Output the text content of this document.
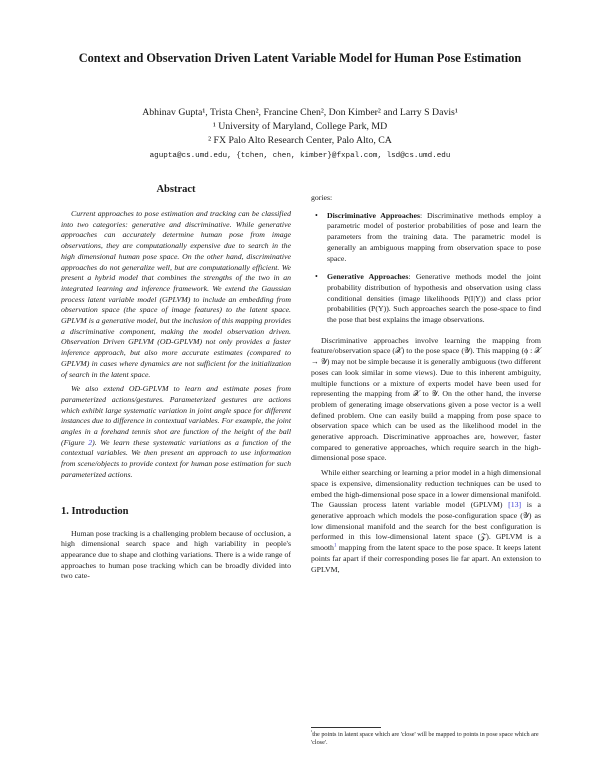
Context and Observation Driven Latent Variable Model for Human Pose Estimation
Abhinav Gupta¹, Trista Chen², Francine Chen², Don Kimber² and Larry S Davis¹
¹ University of Maryland, College Park, MD
² FX Palo Alto Research Center, Palo Alto, CA
agupta@cs.umd.edu, {tchen, chen, kimber}@fxpal.com, lsd@cs.umd.edu
Abstract

Current approaches to pose estimation and tracking can be classified into two categories: generative and discriminative. While generative approaches can accurately determine human pose from image observations, they are computationally expensive due to search in the high dimensional human pose space. On the other hand, discriminative approaches do not generalize well, but are computationally efficient. We present a hybrid model that combines the strengths of the two in an integrated learning and inference framework. We extend the Gaussian process latent variable model (GPLVM) to include an embedding from observation space (the space of image features) to the latent space. GPLVM is a generative model, but the inclusion of this mapping provides a discriminative component, making the model observation driven. Observation Driven GPLVM (OD-GPLVM) not only provides a faster inference approach, but also more accurate estimates (compared to GPLVM) in cases where dynamics are not sufficient for the initialization of search in the latent space.

We also extend OD-GPLVM to learn and estimate poses from parameterized actions/gestures. Parameterized gestures are actions which exhibit large systematic variation in joint angle space for different instances due to difference in contextual variables. For example, the joint angles in a forehand tennis shot are function of the height of the ball (Figure 2). We learn these systematic variations as a function of the contextual variables. We then present an approach to use information from scene/objects to provide context for human pose estimation for such parameterized actions.

1. Introduction

Human pose tracking is a challenging problem because of occlusion, a high dimensional search space and high variability in people's appearance due to shape and clothing variations. There is a wide range of approaches to human pose tracking which can be broadly divided into two cate-

gories:

• Discriminative Approaches: Discriminative methods employ a parametric model of posterior probabilities of pose and learn the parameters from the training data. The parametric model is generally an ambiguous mapping from observation space to pose space.
• Generative Approaches: Generative methods model the joint probability distribution of hypothesis and observation using class conditional densities (image likelihoods P(I|Y)) and class prior probabilities (P(Y)). Such approaches search the pose-space to find the pose that best explains the image observations.

Discriminative approaches involve learning the mapping from feature/observation space (𝒳) to the pose space (𝒴). This mapping (ϕ : 𝒳 → 𝒴) may not be simple because it is generally ambiguous (two different poses can look similar in some views). Due to this inherent ambiguity, multiple functions or a mixture of experts model have been used for representing the mapping from 𝒳 to 𝒴. On the other hand, the inverse problem of generating image observations given a pose vector is a well defined problem. One can easily build a mapping from pose space to observation space which can be used as the likelihood model in the generative approach. Discriminative approaches are, however, faster compared to generative approaches, which require search in the high-dimensional pose space.

While either searching or learning a prior model in a high dimensional space is expensive, dimensionality reduction techniques can be used to embed the high-dimensional pose space in a lower dimensional manifold. The Gaussian process latent variable model (GPLVM) [13] is a generative approach which models the pose-configuration space (𝒴) as low dimensional manifold and the search for the best configuration is performed in this low-dimensional latent space (𝒵). GPLVM is a smooth$^1$ mapping from the latent space to the pose space. It keeps latent points far apart if their corresponding poses lie far apart. An extension to GPLVM,

$^{^1}$the points in latent space which are 'close' will be mapped to points in pose space which are 'close'.
